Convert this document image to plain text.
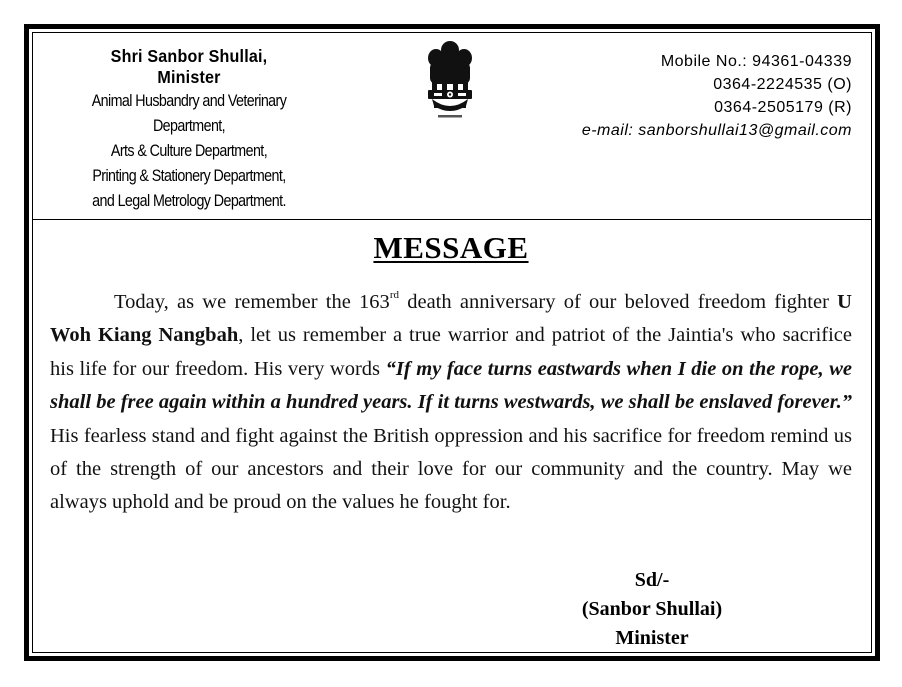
Shri Sanbor Shullai,
Minister
Animal Husbandry and Veterinary
Department,
Arts & Culture Department,
Printing & Stationery Department,
and Legal Metrology Department.
Mobile No.: 94361-04339
0364-2224535 (O)
0364-2505179 (R)
e-mail: sanborshullai13@gmail.com
MESSAGE
Today, as we remember the 163rd death anniversary of our beloved freedom fighter U Woh Kiang Nangbah, let us remember a true warrior and patriot of the Jaintia's who sacrifice his life for our freedom. His very words “If my face turns eastwards when I die on the rope, we shall be free again within a hundred years. If it turns westwards, we shall be enslaved forever.” His fearless stand and fight against the British oppression and his sacrifice for freedom remind us of the strength of our ancestors and their love for our community and the country. May we always uphold and be proud on the values he fought for.
Sd/-
(Sanbor Shullai)
Minister
